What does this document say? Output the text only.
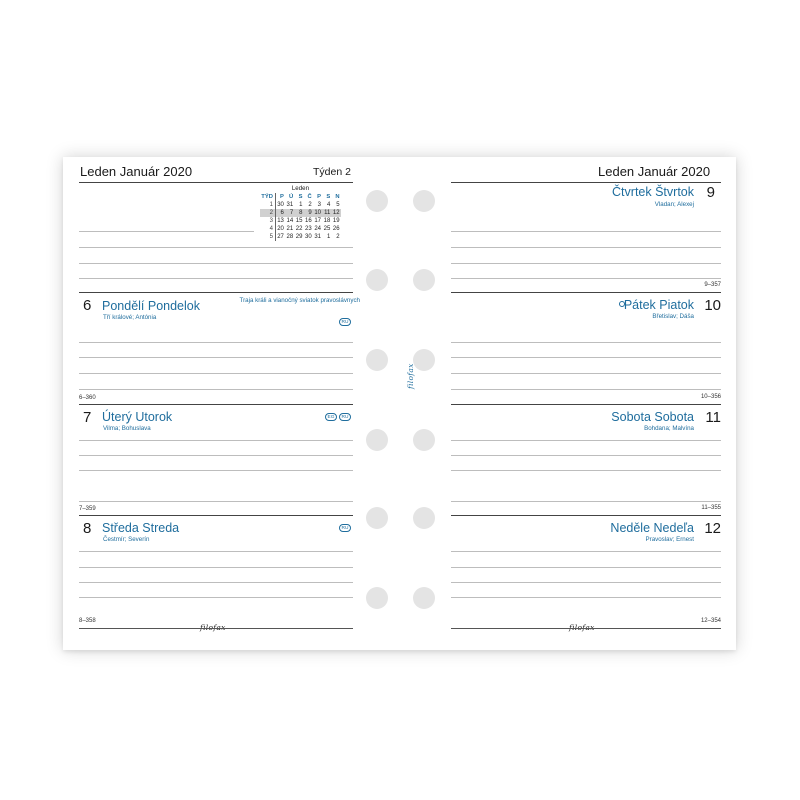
Leden Január 2020	Týden 2
Leden
TÝD	P	Ú	S	Č	P	S	N
1	30	31	1	2	3	4	5
2	6	7	8	9	10	11	12
3	13	14	15	16	17	18	19
4	20	21	22	23	24	25	26
5	27	28	29	30	31	1	2
6 Pondělí Pondelok
Tří králové; Antónia
Traja králi a vianočný sviatok pravoslávnych
RU
6–360
7 Úterý Utorok
Vilma; Bohuslava
EG	RU
7–359
8 Středa Streda
Čestmír; Severín
RU
8–358
filofax
Leden Január 2020
Čtvrtek Štvrtok 9
Vladan; Alexej
9–357
Pátek Piatok 10
Břetislav; Dáša
10–356
Sobota Sobota 11
Bohdana; Malvína
11–355
Neděle Nedeľa 12
Pravoslav; Ernest
12–354
